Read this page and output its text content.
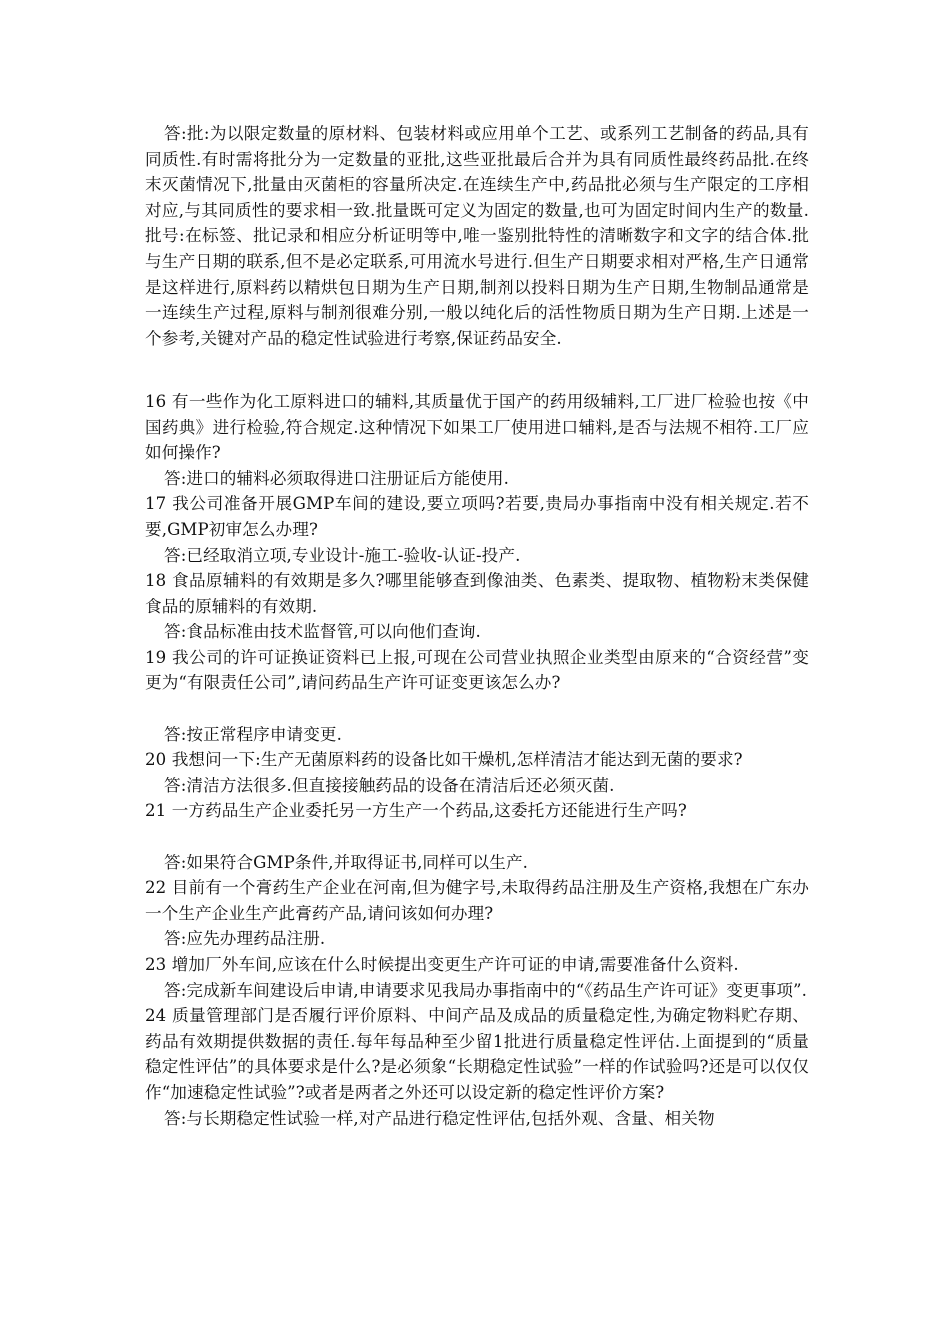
答:批:为以限定数量的原材料、包装材料或应用单个工艺、或系列工艺制备的药品,具有同质性.有时需将批分为一定数量的亚批,这些亚批最后合并为具有同质性最终药品批.在终末灭菌情况下,批量由灭菌柜的容量所决定.在连续生产中,药品批必须与生产限定的工序相对应,与其同质性的要求相一致.批量既可定义为固定的数量,也可为固定时间内生产的数量.批号:在标签、批记录和相应分析证明等中,唯一鉴别批特性的清晰数字和文字的结合体.批与生产日期的联系,但不是必定联系,可用流水号进行.但生产日期要求相对严格,生产日通常是这样进行,原料药以精烘包日期为生产日期,制剂以投料日期为生产日期,生物制品通常是一连续生产过程,原料与制剂很难分别,一般以纯化后的活性物质日期为生产日期.上述是一个参考,关键对产品的稳定性试验进行考察,保证药品安全.

16 有一些作为化工原料进口的辅料,其质量优于国产的药用级辅料,工厂进厂检验也按《中国药典》进行检验,符合规定.这种情况下如果工厂使用进口辅料,是否与法规不相符.工厂应如何操作?

答:进口的辅料必须取得进口注册证后方能使用.

17 我公司准备开展GMP车间的建设,要立项吗?若要,贵局办事指南中没有相关规定.若不要,GMP初审怎么办理?

答:已经取消立项,专业设计-施工-验收-认证-投产.

18 食品原辅料的有效期是多久?哪里能够查到像油类、色素类、提取物、植物粉末类保健食品的原辅料的有效期.

答:食品标准由技术监督管,可以向他们查询.

19 我公司的许可证换证资料已上报,可现在公司营业执照企业类型由原来的“合资经营”变更为“有限责任公司”,请问药品生产许可证变更该怎么办?

答:按正常程序申请变更.

20 我想问一下:生产无菌原料药的设备比如干燥机,怎样清洁才能达到无菌的要求?

答:清洁方法很多.但直接接触药品的设备在清洁后还必须灭菌.

21 一方药品生产企业委托另一方生产一个药品,这委托方还能进行生产吗?

答:如果符合GMP条件,并取得证书,同样可以生产.

22 目前有一个膏药生产企业在河南,但为健字号,未取得药品注册及生产资格,我想在广东办一个生产企业生产此膏药产品,请问该如何办理?

答:应先办理药品注册.

23 增加厂外车间,应该在什么时候提出变更生产许可证的申请,需要准备什么资料.

答:完成新车间建设后申请,申请要求见我局办事指南中的“《药品生产许可证》变更事项”.

24 质量管理部门是否履行评价原料、中间产品及成品的质量稳定性,为确定物料贮存期、药品有效期提供数据的责任.每年每品种至少留1批进行质量稳定性评估.上面提到的“质量稳定性评估”的具体要求是什么?是必须象“长期稳定性试验”一样的作试验吗?还是可以仅仅作“加速稳定性试验”?或者是两者之外还可以设定新的稳定性评价方案?

答:与长期稳定性试验一样,对产品进行稳定性评估,包括外观、含量、相关物
